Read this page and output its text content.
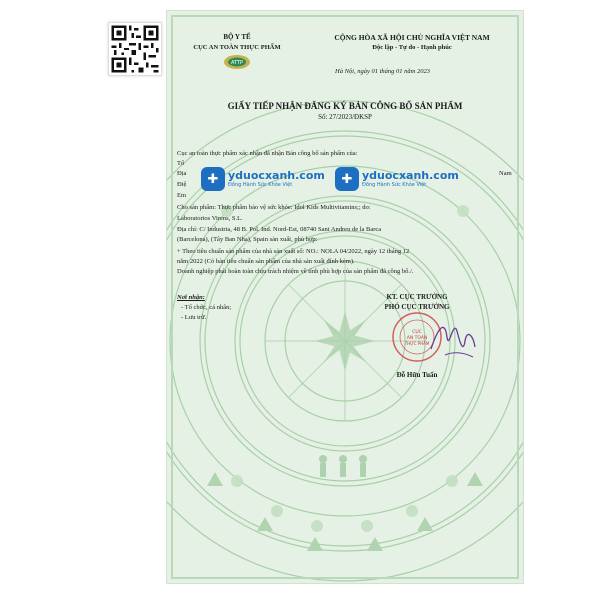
BỘ Y TẾ
CỤC AN TOÀN THỰC PHẨM
ATTP
CỘNG HÒA XÃ HỘI CHỦ NGHĨA VIỆT NAM
Độc lập - Tự do - Hạnh phúc
Hà Nội, ngày 01 tháng 01 năm 2023
GIẤY TIẾP NHẬN ĐĂNG KÝ BẢN CÔNG BỐ SẢN PHẨM
Số: 27/2023/ĐKSP
Cục an toàn thực phẩm xác nhận đã nhận Bản công bố sản phẩm của:
Tổ
Địa	Nam
Điệ
Em
Cho sản phẩm: Thực phẩm bảo vệ sức khỏe: Idol Kids Multivitamins;; do:
Laboratorios Virens, S.L.
Địa chỉ: C/ Industria, 48 B. Pol. Ind. Nord-Est, 08740 Sant Andreu de la Barca
(Barcelona), (Tây Ban Nha), Spain sản xuất, phù hợp:
+ Theo tiêu chuẩn sản phẩm của nhà sản xuất số: NO.: NOLA 04/2022, ngày 12 tháng 12
năm 2022 (Có bản tiêu chuẩn sản phẩm của nhà sản xuất đính kèm).
Doanh nghiệp phải hoàn toàn chịu trách nhiệm về tính phù hợp của sản phẩm đã công bố./.
✚ yduocxanh.com
Đồng Hành Sức Khỏe Việt	✚ yduocxanh.com
Đồng Hành Sức Khỏe Việt
Nơi nhận:
- Tổ chức, cá nhân;
- Lưu trữ.
KT. CỤC TRƯỞNG
PHÓ CỤC TRƯỞNG
CỤC
AN TOÀN
THỰC PHẨM
Đỗ Hữu Tuấn
